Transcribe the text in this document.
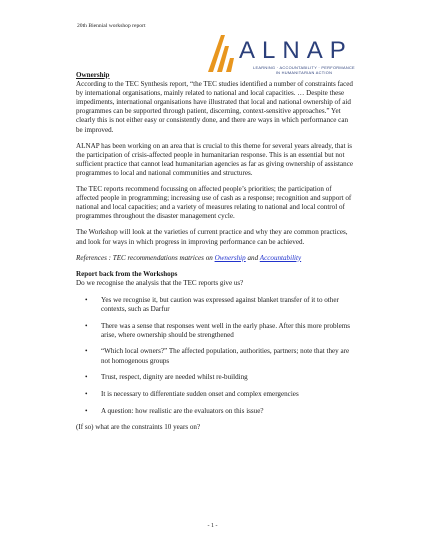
20th Biennial workshop report
ALNAP
LEARNING · ACCOUNTABILITY · PERFORMANCE
IN HUMANITARIAN ACTION

Ownership

According to the TEC Synthesis report, “the TEC studies identified a number of constraints faced by international organisations, mainly related to national and local capacities. … Despite these impediments, international organisations have illustrated that local and national ownership of aid programmes can be supported through patient, discerning, context-sensitive approaches.” Yet clearly this is not either easy or consistently done, and there are ways in which performance can be improved.

ALNAP has been working on an area that is crucial to this theme for several years already, that is the participation of crisis-affected people in humanitarian response. This is an essential but not sufficient practice that cannot lead humanitarian agencies as far as giving ownership of assistance programmes to local and national communities and structures.

The TEC reports recommend focussing on affected people’s priorities; the participation of affected people in programming; increasing use of cash as a response; recognition and support of national and local capacities; and a variety of measures relating to national and local control of programmes throughout the disaster management cycle.

The Workshop will look at the varieties of current practice and why they are common practices, and look for ways in which progress in improving performance can be achieved.

References : TEC recommendations matrices on Ownership and Accountability

Report back from the Workshops

Do we recognise the analysis that the TEC reports give us?

• Yes we recognise it, but caution was expressed against blanket transfer of it to other contexts, such as Darfur
• There was a sense that responses went well in the early phase. After this more problems arise, where ownership should be strengthened
• “Which local owners?” The affected population, authorities, partners; note that they are not homogenous groups
• Trust, respect, dignity are needed whilst re-building
• It is necessary to differentiate sudden onset and complex emergencies
• A question: how realistic are the evaluators on this issue?

(If so) what are the constraints 10 years on?

- 1 -
